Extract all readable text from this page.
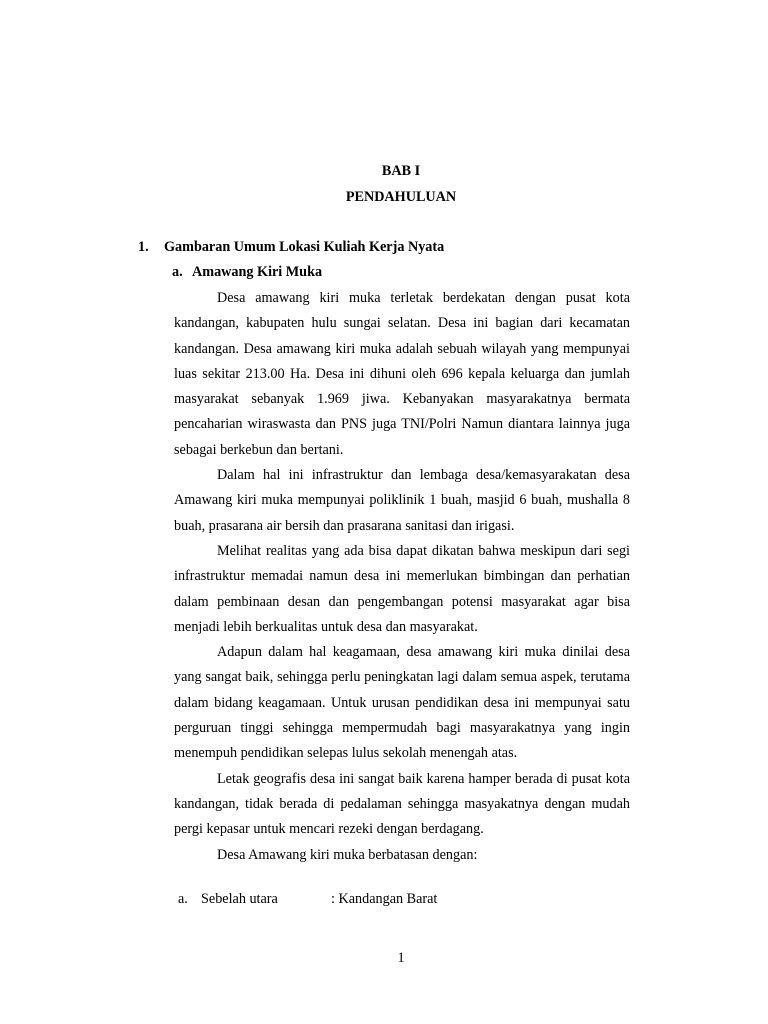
BAB I
PENDAHULUAN
1. Gambaran Umum Lokasi Kuliah Kerja Nyata
a. Amawang Kiri Muka

Desa amawang kiri muka terletak berdekatan dengan pusat kota kandangan, kabupaten hulu sungai selatan. Desa ini bagian dari kecamatan kandangan. Desa amawang kiri muka adalah sebuah wilayah yang mempunyai luas sekitar 213.00 Ha. Desa ini dihuni oleh 696 kepala keluarga dan jumlah masyarakat sebanyak 1.969 jiwa. Kebanyakan masyarakatnya bermata pencaharian wiraswasta dan PNS juga TNI/Polri Namun diantara lainnya juga sebagai berkebun dan bertani.

Dalam hal ini infrastruktur dan lembaga desa/kemasyarakatan desa Amawang kiri muka mempunyai poliklinik 1 buah, masjid 6 buah, mushalla 8 buah, prasarana air bersih dan prasarana sanitasi dan irigasi.

Melihat realitas yang ada bisa dapat dikatan bahwa meskipun dari segi infrastruktur memadai namun desa ini memerlukan bimbingan dan perhatian dalam pembinaan desan dan pengembangan potensi masyarakat agar bisa menjadi lebih berkualitas untuk desa dan masyarakat.

Adapun dalam hal keagamaan, desa amawang kiri muka dinilai desa yang sangat baik, sehingga perlu peningkatan lagi dalam semua aspek, terutama dalam bidang keagamaan. Untuk urusan pendidikan desa ini mempunyai satu perguruan tinggi sehingga mempermudah bagi masyarakatnya yang ingin menempuh pendidikan selepas lulus sekolah menengah atas.

Letak geografis desa ini sangat baik karena hamper berada di pusat kota kandangan, tidak berada di pedalaman sehingga masyakatnya dengan mudah pergi kepasar untuk mencari rezeki dengan berdagang.

Desa Amawang kiri muka berbatasan dengan:

a. Sebelah utara	: Kandangan Barat
1
